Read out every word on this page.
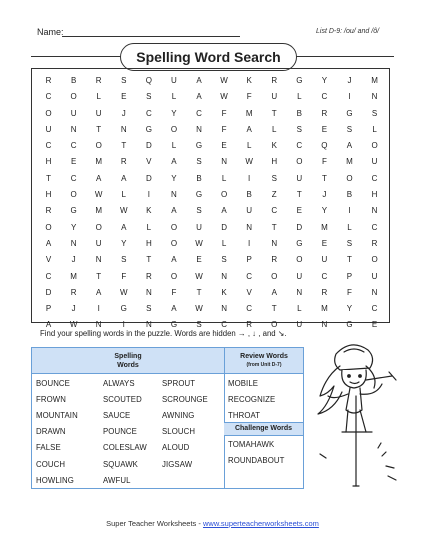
Name:	List D-9: /ou/ and /ô/
Spelling Word Search
R	B	R	S	Q	U	A	W	K	R	G	Y	J	M
C	O	L	E	S	L	A	W	F	U	L	C	I	N
O	U	U	J	C	Y	C	F	M	T	B	R	G	S
U	N	T	N	G	O	N	F	A	L	S	E	S	L
C	C	O	T	D	L	G	E	L	K	C	Q	A	O
H	E	M	R	V	A	S	N	W	H	O	F	M	U
T	C	A	A	D	Y	B	L	I	S	U	T	O	C
H	O	W	L	I	N	G	O	B	Z	T	J	B	H
R	G	M	W	K	A	S	A	U	C	E	Y	I	N
O	Y	O	A	L	O	U	D	N	T	D	M	L	C
A	N	U	Y	H	O	W	L	I	N	G	E	S	R
V	J	N	S	T	A	E	S	P	R	O	U	T	O
C	M	T	F	R	O	W	N	C	O	U	C	P	U
D	R	A	W	N	F	T	K	V	A	N	R	F	N
P	J	I	G	S	A	W	N	C	T	L	M	Y	C
A	W	N	I	N	G	S	C	R	O	U	N	G	E
Find your spelling words in the puzzle. Words are hidden → , ↓ , and ↘.
Spelling
Words
Review Words
(from Unit D-7)
Challenge Words
BOUNCE
FROWN
MOUNTAIN
DRAWN
FALSE
COUCH
HOWLING
ALWAYS
SCOUTED
SAUCE
POUNCE
COLESLAW
SQUAWK
AWFUL
SPROUT
SCROUNGE
AWNING
SLOUCH
ALOUD
JIGSAW
MOBILE
RECOGNIZE
THROAT
TOMAHAWK
ROUNDABOUT
Super Teacher Worksheets - www.superteacherworksheets.com
